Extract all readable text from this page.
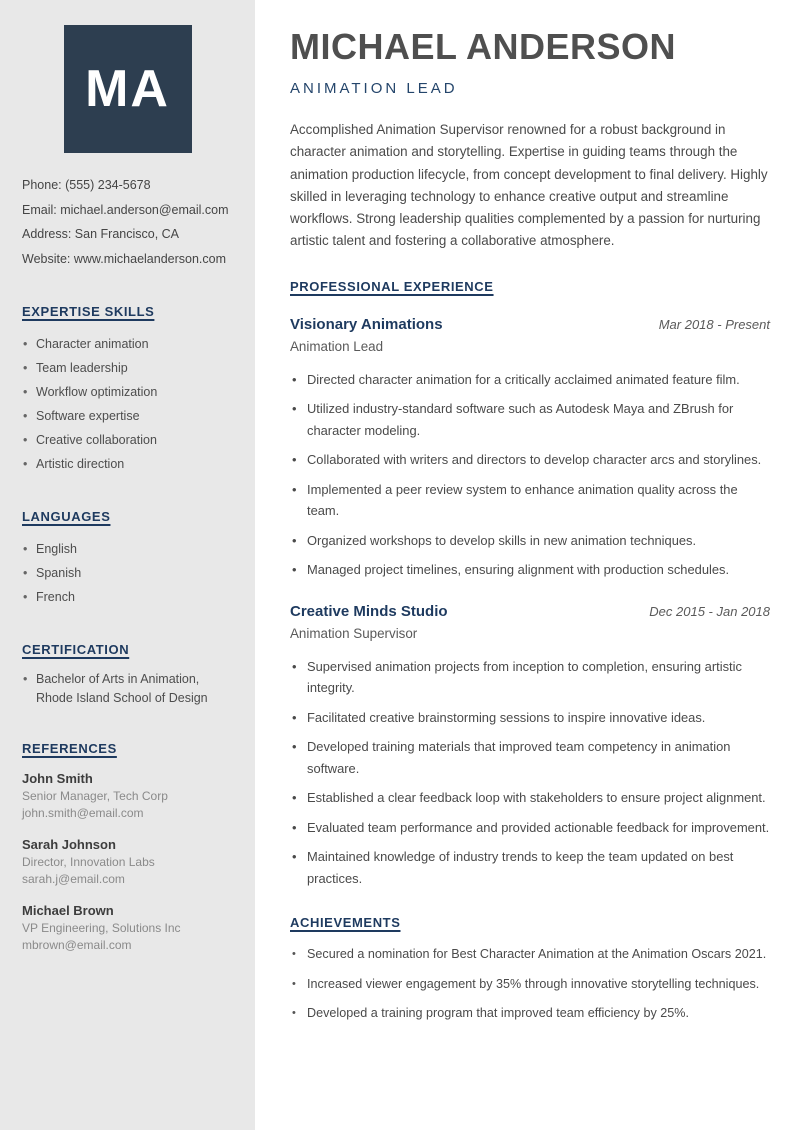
MA
Phone: (555) 234-5678
Email: michael.anderson@email.com
Address: San Francisco, CA
Website: www.michaelanderson.com
EXPERTISE SKILLS
• Character animation
• Team leadership
• Workflow optimization
• Software expertise
• Creative collaboration
• Artistic direction
LANGUAGES
• English
• Spanish
• French
CERTIFICATION
• Bachelor of Arts in Animation, Rhode Island School of Design
REFERENCES
John Smith
Senior Manager, Tech Corp
john.smith@email.com
Sarah Johnson
Director, Innovation Labs
sarah.j@email.com
Michael Brown
VP Engineering, Solutions Inc
mbrown@email.com
MICHAEL ANDERSON
ANIMATION LEAD

Accomplished Animation Supervisor renowned for a robust background in character animation and storytelling. Expertise in guiding teams through the animation production lifecycle, from concept development to final delivery. Highly skilled in leveraging technology to enhance creative output and streamline workflows. Strong leadership qualities complemented by a passion for nurturing artistic talent and fostering a collaborative atmosphere.

PROFESSIONAL EXPERIENCE
Visionary Animations	Mar 2018 - Present
Animation Lead
• Directed character animation for a critically acclaimed animated feature film.
• Utilized industry-standard software such as Autodesk Maya and ZBrush for character modeling.
• Collaborated with writers and directors to develop character arcs and storylines.
• Implemented a peer review system to enhance animation quality across the team.
• Organized workshops to develop skills in new animation techniques.
• Managed project timelines, ensuring alignment with production schedules.
Creative Minds Studio	Dec 2015 - Jan 2018
Animation Supervisor
• Supervised animation projects from inception to completion, ensuring artistic integrity.
• Facilitated creative brainstorming sessions to inspire innovative ideas.
• Developed training materials that improved team competency in animation software.
• Established a clear feedback loop with stakeholders to ensure project alignment.
• Evaluated team performance and provided actionable feedback for improvement.
• Maintained knowledge of industry trends to keep the team updated on best practices.
ACHIEVEMENTS
• Secured a nomination for Best Character Animation at the Animation Oscars 2021.
• Increased viewer engagement by 35% through innovative storytelling techniques.
• Developed a training program that improved team efficiency by 25%.
